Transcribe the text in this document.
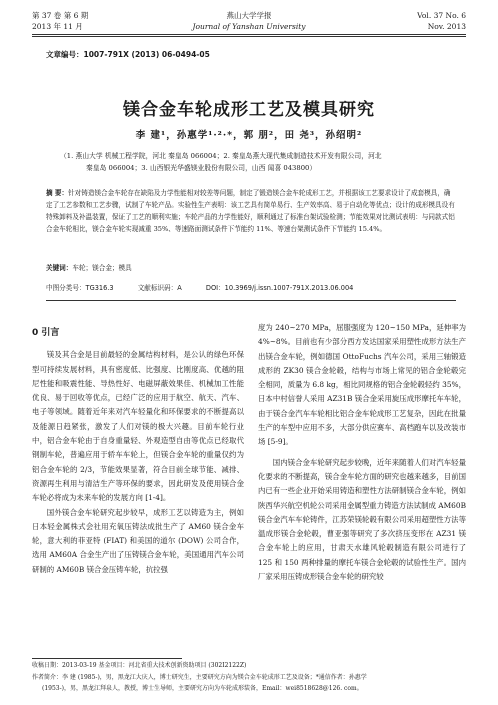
第 37 卷 第 6 期	燕山大学学报	Vol. 37 No. 6
2013 年 11 月	Journal of Yanshan University	Nov. 2013
文章编号：1007-791X (2013) 06-0494-05
镁合金车轮成形工艺及模具研究
李 建¹，孙惠学¹·²·*，郭 朋²，田 尧³，孙绍明²
（1. 燕山大学 机械工程学院，河北 秦皇岛 066004；2. 秦皇岛燕大现代集成制造技术开发有限公司，河北
秦皇岛 066004；3. 山西银光华盛镁业股份有限公司，山西 闻喜 043800）
摘 要：针对铸造镁合金车轮存在缺陷及力学性能相对较差等问题，制定了锻造镁合金车轮成形工艺，并根据该工艺要求设计了成套模具，确定了工艺参数和工艺步骤，试制了车轮产品。实验性生产表明：该工艺具有简单易行、生产效率高、易于自动化等优点；设计的成形模具设有特殊卸料及补温装置，保证了工艺的顺利实施；车轮产品的力学性能好，顺利通过了标准台架试验检测；节能效果对比测试表明：与同款式铝合金车轮相比，镁合金车轮实现减重 35%、等速路面测试条件下节能约 11%、等速台架测试条件下节能约 15.4%。
关键词：车轮；镁合金；模具
中图分类号：TG316.3	文献标识码：A	DOI：10.3969/j.issn.1007-791X.2013.06.004
0 引言

镁及其合金是目前最轻的金属结构材料，是公认的绿色环保型可持续发展材料，具有密度低、比强度、比刚度高、优越的阻尼性能和吸震性能、导热性好、电磁屏蔽效果佳、机械加工性能优良、易于回收等优点，已经广泛的应用于航空、航天、汽车、电子等领域。随着近年来对汽车轻量化和环保要求的不断提高以及能源日趋紧张，激发了人们对镁的极大兴趣。目前车轮行业中，铝合金车轮由于自身重量轻、外观造型自由等优点已经取代钢制车轮，普遍应用于轿车车轮上，但镁合金车轮的重量仅约为铝合金车轮的 2/3，节能效果显著，符合目前全球节能、减排、资源再生利用与清洁生产等环保的要求，因此研发及使用镁合金车轮必将成为未来车轮的发展方向 [1-4]。

国外镁合金车轮研究起步较早，成形工艺以铸造为主，例如日本轻金属株式会社用充氧压铸法成批生产了 AM60 镁合金车轮，意大利的菲亚特 (FIAT) 和美国的道尔 (DOW) 公司合作，选用 AM60A 合金生产出了压铸镁合金车轮，美国通用汽车公司研制的 AM60B 镁合金压铸车轮，抗拉强

度为 240~270 MPa，屈服强度为 120~150 MPa，延伸率为 4%~8%。目前也有少部分西方发达国家采用塑性成形方法生产出镁合金车轮，例如德国 OttoFuchs 汽车公司，采用三轴锻造成形的 ZK30 镁合金轮毂，结构与市场上常见的铝合金轮毂完全相同，质量为 6.8 kg，相比同规格的铝合金轮毂轻约 35%，日本中村信誉人采用 AZ31B 镁合金采用旋压成形摩托车车轮，由于镁合金汽车车轮相比铝合金车轮成形工艺复杂，因此在批量生产的车型中应用不多，大部分供应赛车、高档跑车以及改装市场 [5-9]。

国内镁合金车轮研究起步较晚，近年来随着人们对汽车轻量化要求的不断提高，镁合金车轮方面的研究也越来越多，目前国内已有一些企业开始采用铸造和塑性方法研制镁合金车轮，例如陕西华兴航空机轮公司采用金属型重力铸造方法试制成 AM60B 镁合金汽车车轮铸件，江苏荣镁轮毂有限公司采用超塑性方法等温成形镁合金轮毂，曹亚强等研究了多次挤压变形在 AZ31 镁合金车轮上的应用，甘肃天水雄风轮毂制造有限公司进行了 125 和 150 两种排量的摩托车镁合金轮毂的试验性生产。国内厂家采用压铸成形镁合金车轮的研究较

收稿日期：2013-03-19 基金项目：河北省重大技术创新资助项目 (302I2122Z)
作者简介：李 建 (1985-)，男，黑龙江大庆人，博士研究生，主要研究方向为镁合金车轮成形工艺及设备；*通信作者：孙惠学
(1953-)，男，黑龙江拜泉人，教授，博士生导师，主要研究方向为车轮成形装备，Email：wei8518628@126. com。
